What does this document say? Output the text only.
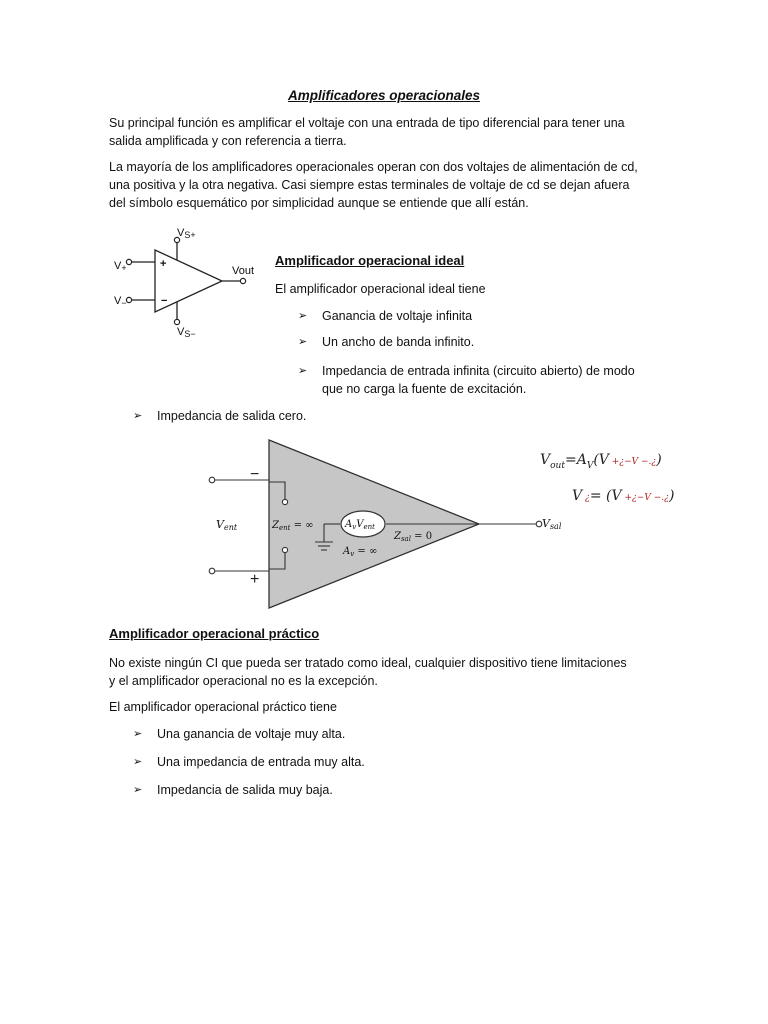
Amplificadores operacionales
Su principal función es amplificar el voltaje con una entrada de tipo diferencial para tener una
salida amplificada y con referencia a tierra.
La mayoría de los amplificadores operacionales operan con dos voltajes de alimentación de cd,
una positiva y la otra negativa. Casi siempre estas terminales de voltaje de cd se dejan afuera
del símbolo esquemático por simplicidad aunque se entiende que allí están.
+
−
VS+
VS−
V+
V−
Vout
Amplificador operacional ideal
El amplificador operacional ideal tiene
➢ Ganancia de voltaje infinita
➢ Un ancho de banda infinito.
➢ Impedancia de entrada infinita (circuito abierto) de modo
que no carga la fuente de excitación.
➢ Impedancia de salida cero.
Vent	$Z_{ent}$ = ∞	$A_vV_{ent}$
$Z_{sal} = 0$
$A_v$ = ∞
Vsal
−
+
$V_{out}=A_V(V$ +¿−V −.¿)
V ¿= (V +¿−V −.¿)
Amplificador operacional práctico
No existe ningún CI que pueda ser tratado como ideal, cualquier dispositivo tiene limitaciones
y el amplificador operacional no es la excepción.
El amplificador operacional práctico tiene
➢ Una ganancia de voltaje muy alta.
➢ Una impedancia de entrada muy alta.
➢ Impedancia de salida muy baja.
